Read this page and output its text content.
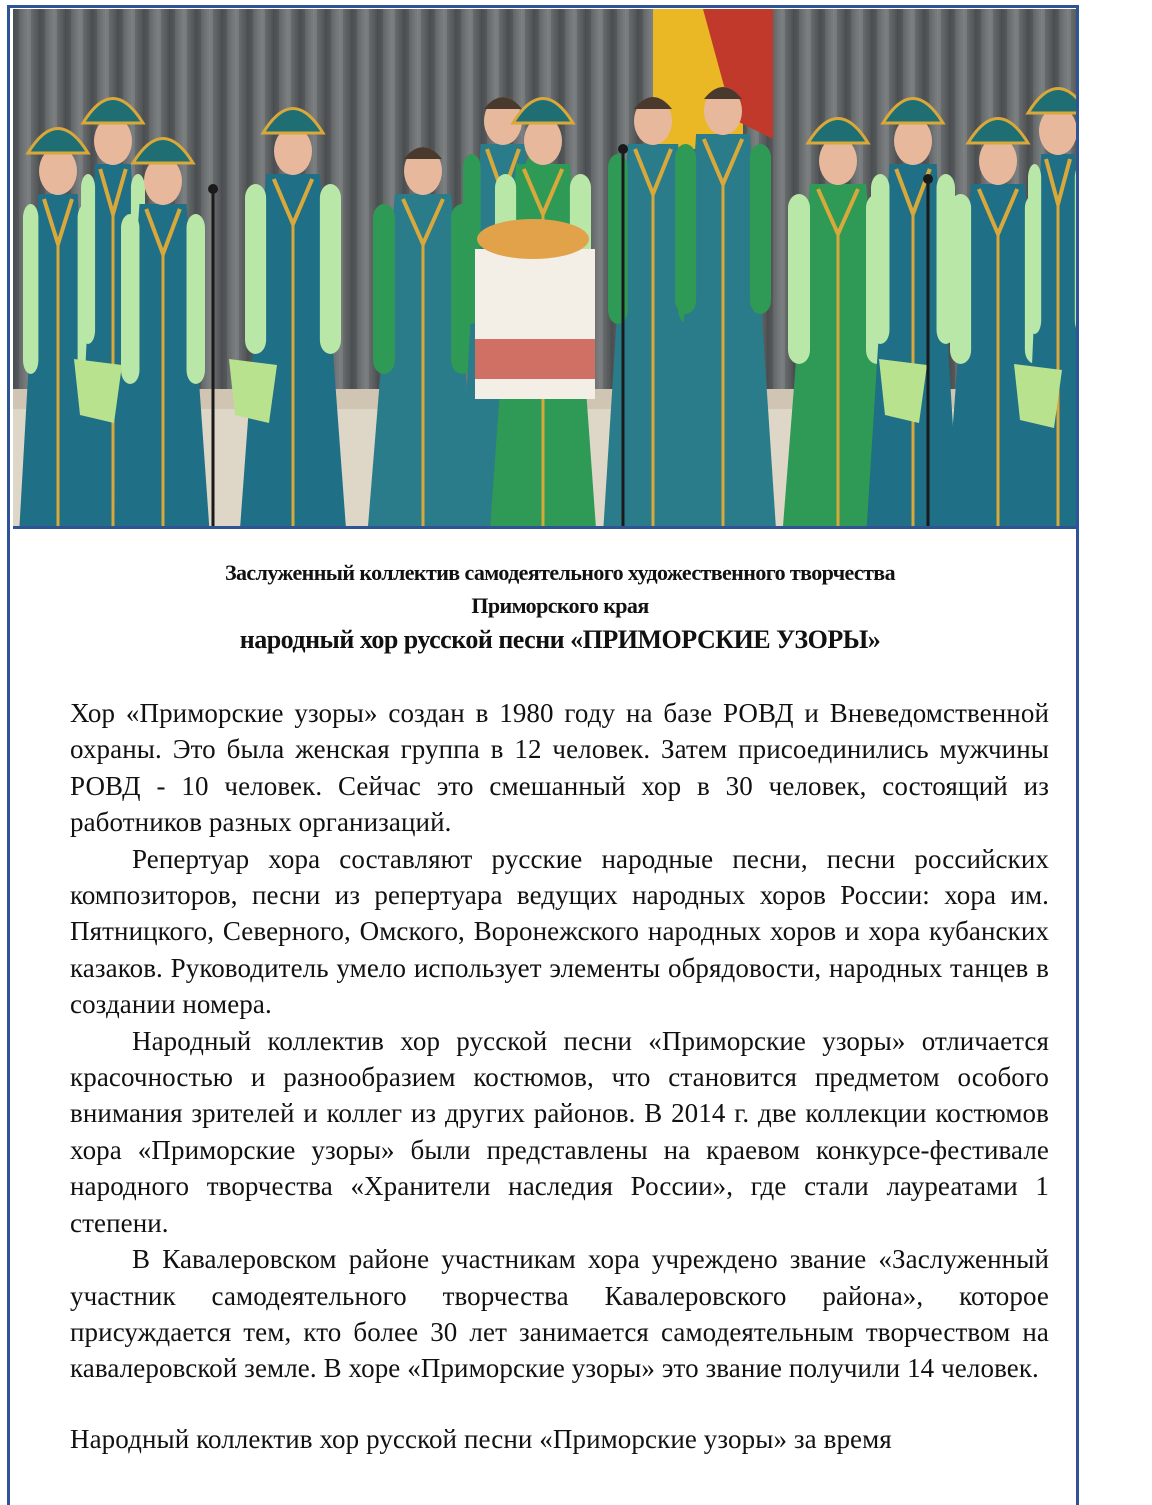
Заслуженный коллектив самодеятельного художественного творчества
Приморского края
народный хор русской песни «ПРИМОРСКИЕ УЗОРЫ»

Хор «Приморские узоры» создан в 1980 году на базе РОВД и Вневедомственной охраны. Это была женская группа в 12 человек. Затем присоединились мужчины РОВД - 10 человек. Сейчас это смешанный хор в 30 человек, состоящий из работников разных организаций.

Репертуар хора составляют русские народные песни, песни российских композиторов, песни из репертуара ведущих народных хоров России: хора им. Пятницкого, Северного, Омского, Воронежского народных хоров и хора кубанских казаков. Руководитель умело использует элементы обрядовости, народных танцев в создании номера.

Народный коллектив хор русской песни «Приморские узоры» отличается красочностью и разнообразием костюмов, что становится предметом особого внимания зрителей и коллег из других районов. В 2014 г. две коллекции костюмов хора «Приморские узоры» были представлены на краевом конкурсе-фестивале народного творчества «Хранители наследия России», где стали лауреатами 1 степени.

В Кавалеровском районе участникам хора учреждено звание «Заслуженный участник самодеятельного творчества Кавалеровского района», которое присуждается тем, кто более 30 лет занимается самодеятельным творчеством на кавалеровской земле. В хоре «Приморские узоры» это звание получили 14 человек.

Народный коллектив хор русской песни «Приморские узоры» за время
